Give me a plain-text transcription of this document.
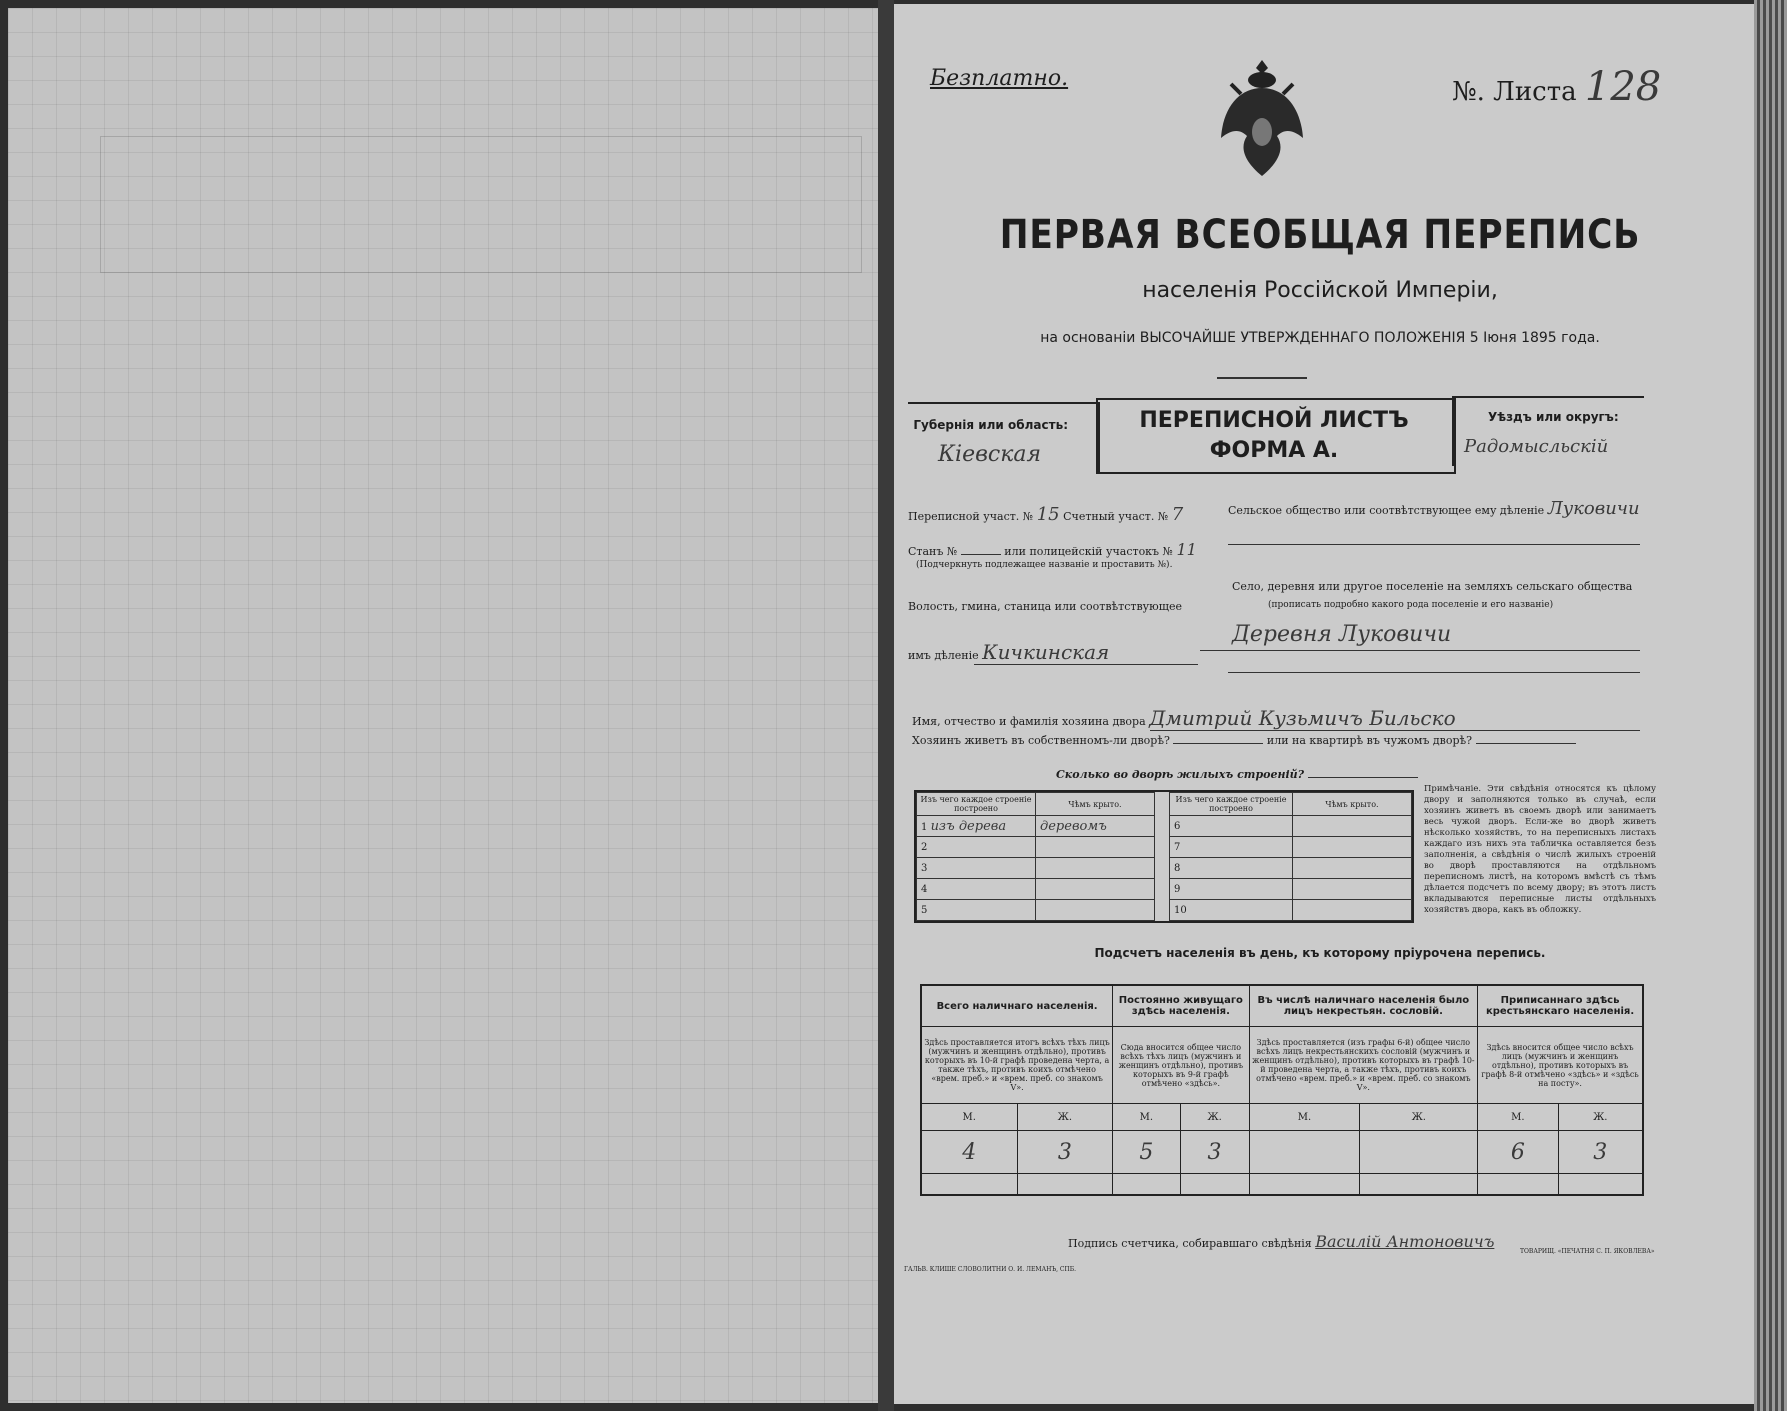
Безплатно.	№. Листа 128
ПЕРВАЯ ВСЕОБЩАЯ ПЕРЕПИСЬ
населенія Россійской Имперіи,
на основаніи ВЫСОЧАЙШЕ УТВЕРЖДЕННАГО ПОЛОЖЕНІЯ 5 Іюня 1895 года.
Губернія или область:
Кіевская
ПЕРЕПИСНОЙ ЛИСТЪ
ФОРМА А.
Уѣздъ или округъ:
Радомысльскій
Переписной участ. № 15 Счетный участ. № 7
Станъ №	или полицейскій участокъ № 11
(Подчеркнуть подлежащее названіе и проставить №).
Волость, гмина, станица или соотвѣтствующее
имъ дѣленіе Кичкинская
Сельское общество или соотвѣтствующее ему дѣленіе Луковичи
Село, деревня или другое поселеніе на земляхъ сельскаго общества
(прописать подробно какого рода поселеніе и его названіе)
Деревня Луковичи
Имя, отчество и фамилія хозяина двора Дмитрий Кузьмичъ Бильско
Хозяинъ живетъ въ собственномъ-ли дворѣ?	или на квартирѣ въ чужомъ дворѣ?
Сколько во дворѣ жилыхъ строеній?
Изъ чего каждое строеніе построено	Чѣмъ крыто.
1 изъ дерева	деревомъ
2	
3	
4	
5	
Изъ чего каждое строеніе построено	Чѣмъ крыто.
6	
7	
8	
9	
10	
Примѣчаніе. Эти свѣдѣнія относятся къ цѣлому двору и заполняются только въ случаѣ, если хозяинъ живетъ въ своемъ дворѣ или занимаетъ весь чужой дворъ. Если-же во дворѣ живетъ нѣсколько хозяйствъ, то на переписныхъ листахъ каждаго изъ нихъ эта табличка оставляется безъ заполненія, а свѣдѣнія о числѣ жилыхъ строеній во дворѣ проставляются на отдѣльномъ переписномъ листѣ, на которомъ вмѣстѣ съ тѣмъ дѣлается подсчетъ по всему двору; въ этотъ листъ вкладываются переписные листы отдѣльныхъ хозяйствъ двора, какъ въ обложку.
Подсчетъ населенія въ день, къ которому пріурочена перепись.
Всего наличнаго населенія.		Постоянно живущаго здѣсь населенія.		Въ числѣ наличнаго населенія было лицъ некрестьян. сословій.		Приписаннаго здѣсь крестьянскаго населенія.	
Здѣсь проставляется итогъ всѣхъ тѣхъ лицъ (мужчинъ и женщинъ отдѣльно), противъ которыхъ въ 10-й графѣ проведена черта, а также тѣхъ, противъ коихъ отмѣчено «врем. преб.» и «врем. преб. со знакомъ V».		Сюда вносится общее число всѣхъ тѣхъ лицъ (мужчинъ и женщинъ отдѣльно), противъ которыхъ въ 9-й графѣ отмѣчено «здѣсь».		Здѣсь проставляется (изъ графы 6-й) общее число всѣхъ лицъ некрестьянскихъ сословій (мужчинъ и женщинъ отдѣльно), противъ которыхъ въ графѣ 10-й проведена черта, а также тѣхъ, противъ коихъ отмѣчено «врем. преб.» и «врем. преб. со знакомъ V».		Здѣсь вносится общее число всѣхъ лицъ (мужчинъ и женщинъ отдѣльно), противъ которыхъ въ графѣ 8-й отмѣчено «здѣсь» и «здѣсь на посту».	
М.	Ж.	М.	Ж.	М.	Ж.	М.	Ж.
4	3	5	3			6	3

Подпись счетчика, собиравшаго свѣдѣнія Василій Антоновичъ
ГАЛЬВ. КЛИШЕ СЛОВОЛИТНИ О. И. ЛЕМАНЪ, СПБ.
ТОВАРИЩ. «ПЕЧАТНЯ С. П. ЯКОВЛЕВА»
